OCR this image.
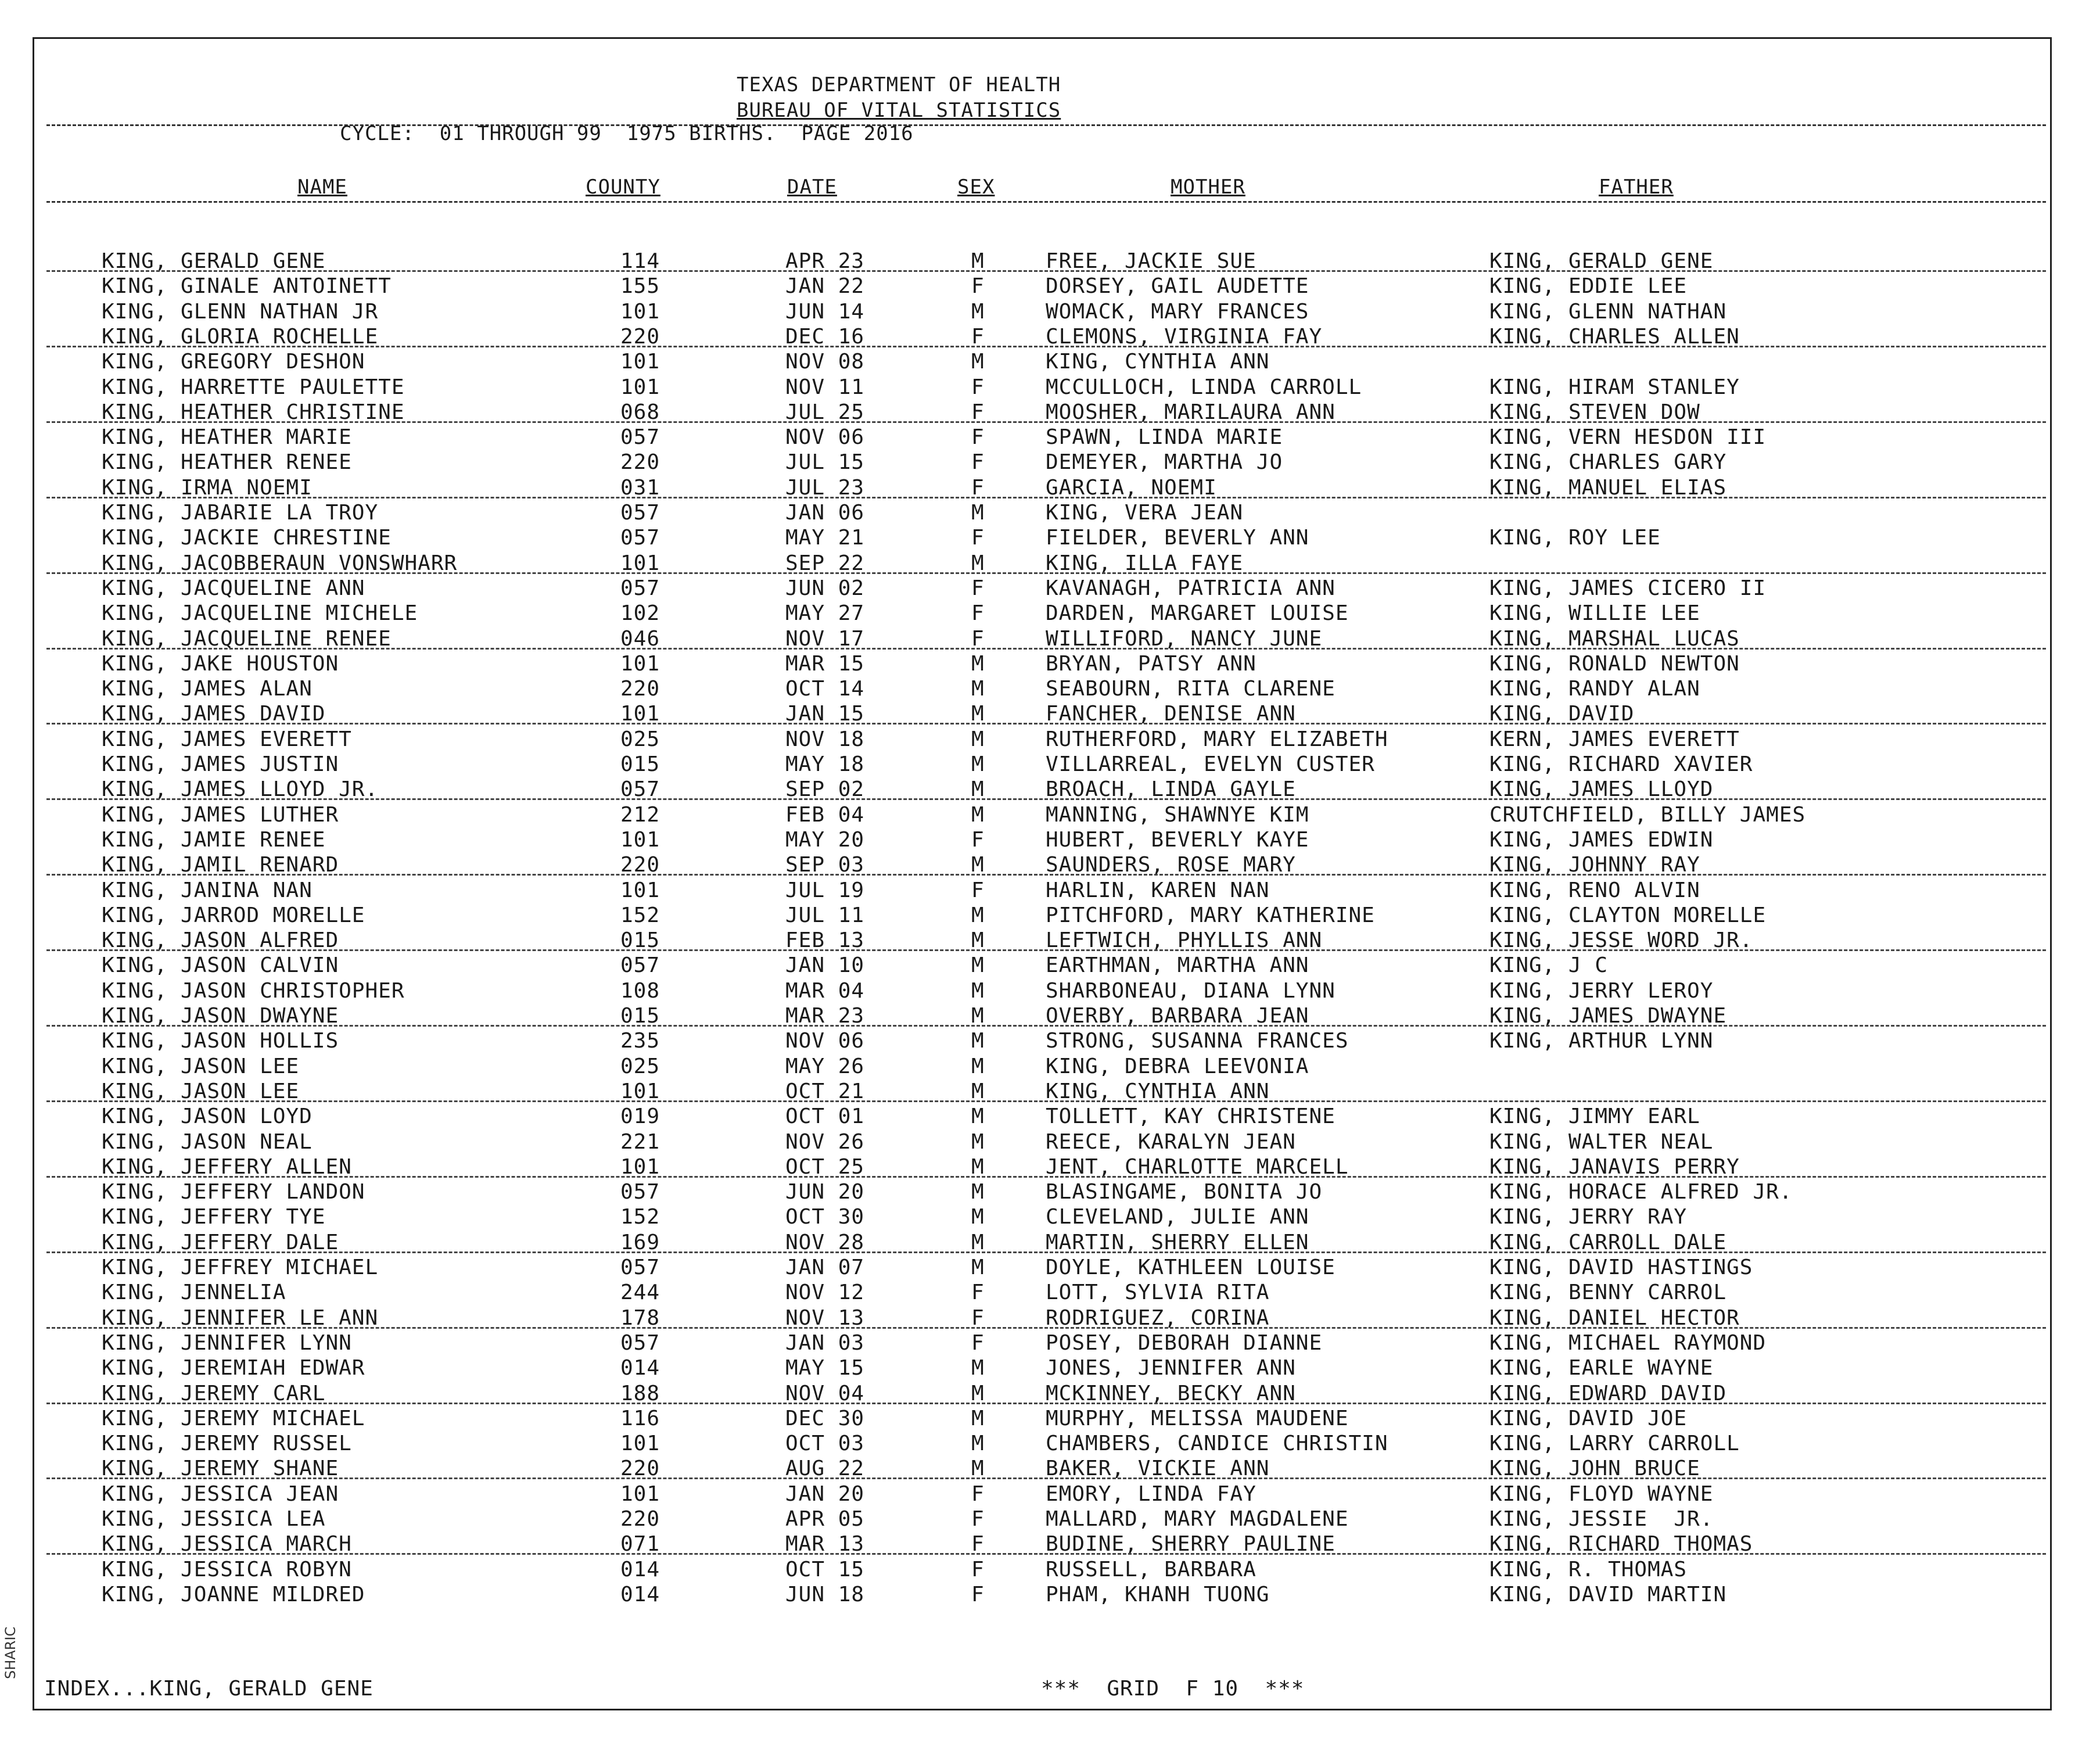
SHARIC
TEXAS DEPARTMENT OF HEALTH
BUREAU OF VITAL STATISTICS
CYCLE:  01 THROUGH 99  1975 BIRTHS.  PAGE 2016
NAME	COUNTY	DATE	SEX	MOTHER	FATHER
KING, GERALD GENE	114	APR 23	M	FREE, JACKIE SUE	KING, GERALD GENE
KING, GINALE ANTOINETT	155	JAN 22	F	DORSEY, GAIL AUDETTE	KING, EDDIE LEE
KING, GLENN NATHAN JR	101	JUN 14	M	WOMACK, MARY FRANCES	KING, GLENN NATHAN
KING, GLORIA ROCHELLE	220	DEC 16	F	CLEMONS, VIRGINIA FAY	KING, CHARLES ALLEN
KING, GREGORY DESHON	101	NOV 08	M	KING, CYNTHIA ANN
KING, HARRETTE PAULETTE	101	NOV 11	F	MCCULLOCH, LINDA CARROLL	KING, HIRAM STANLEY
KING, HEATHER CHRISTINE	068	JUL 25	F	MOOSHER, MARILAURA ANN	KING, STEVEN DOW
KING, HEATHER MARIE	057	NOV 06	F	SPAWN, LINDA MARIE	KING, VERN HESDON III
KING, HEATHER RENEE	220	JUL 15	F	DEMEYER, MARTHA JO	KING, CHARLES GARY
KING, IRMA NOEMI	031	JUL 23	F	GARCIA, NOEMI	KING, MANUEL ELIAS
KING, JABARIE LA TROY	057	JAN 06	M	KING, VERA JEAN
KING, JACKIE CHRESTINE	057	MAY 21	F	FIELDER, BEVERLY ANN	KING, ROY LEE
KING, JACOBBERAUN VONSWHARR	101	SEP 22	M	KING, ILLA FAYE
KING, JACQUELINE ANN	057	JUN 02	F	KAVANAGH, PATRICIA ANN	KING, JAMES CICERO II
KING, JACQUELINE MICHELE	102	MAY 27	F	DARDEN, MARGARET LOUISE	KING, WILLIE LEE
KING, JACQUELINE RENEE	046	NOV 17	F	WILLIFORD, NANCY JUNE	KING, MARSHAL LUCAS
KING, JAKE HOUSTON	101	MAR 15	M	BRYAN, PATSY ANN	KING, RONALD NEWTON
KING, JAMES ALAN	220	OCT 14	M	SEABOURN, RITA CLARENE	KING, RANDY ALAN
KING, JAMES DAVID	101	JAN 15	M	FANCHER, DENISE ANN	KING, DAVID
KING, JAMES EVERETT	025	NOV 18	M	RUTHERFORD, MARY ELIZABETH	KERN, JAMES EVERETT
KING, JAMES JUSTIN	015	MAY 18	M	VILLARREAL, EVELYN CUSTER	KING, RICHARD XAVIER
KING, JAMES LLOYD JR.	057	SEP 02	M	BROACH, LINDA GAYLE	KING, JAMES LLOYD
KING, JAMES LUTHER	212	FEB 04	M	MANNING, SHAWNYE KIM	CRUTCHFIELD, BILLY JAMES
KING, JAMIE RENEE	101	MAY 20	F	HUBERT, BEVERLY KAYE	KING, JAMES EDWIN
KING, JAMIL RENARD	220	SEP 03	M	SAUNDERS, ROSE MARY	KING, JOHNNY RAY
KING, JANINA NAN	101	JUL 19	F	HARLIN, KAREN NAN	KING, RENO ALVIN
KING, JARROD MORELLE	152	JUL 11	M	PITCHFORD, MARY KATHERINE	KING, CLAYTON MORELLE
KING, JASON ALFRED	015	FEB 13	M	LEFTWICH, PHYLLIS ANN	KING, JESSE WORD JR.
KING, JASON CALVIN	057	JAN 10	M	EARTHMAN, MARTHA ANN	KING, J C
KING, JASON CHRISTOPHER	108	MAR 04	M	SHARBONEAU, DIANA LYNN	KING, JERRY LEROY
KING, JASON DWAYNE	015	MAR 23	M	OVERBY, BARBARA JEAN	KING, JAMES DWAYNE
KING, JASON HOLLIS	235	NOV 06	M	STRONG, SUSANNA FRANCES	KING, ARTHUR LYNN
KING, JASON LEE	025	MAY 26	M	KING, DEBRA LEEVONIA
KING, JASON LEE	101	OCT 21	M	KING, CYNTHIA ANN
KING, JASON LOYD	019	OCT 01	M	TOLLETT, KAY CHRISTENE	KING, JIMMY EARL
KING, JASON NEAL	221	NOV 26	M	REECE, KARALYN JEAN	KING, WALTER NEAL
KING, JEFFERY ALLEN	101	OCT 25	M	JENT, CHARLOTTE MARCELL	KING, JANAVIS PERRY
KING, JEFFERY LANDON	057	JUN 20	M	BLASINGAME, BONITA JO	KING, HORACE ALFRED JR.
KING, JEFFERY TYE	152	OCT 30	M	CLEVELAND, JULIE ANN	KING, JERRY RAY
KING, JEFFERY DALE	169	NOV 28	M	MARTIN, SHERRY ELLEN	KING, CARROLL DALE
KING, JEFFREY MICHAEL	057	JAN 07	M	DOYLE, KATHLEEN LOUISE	KING, DAVID HASTINGS
KING, JENNELIA	244	NOV 12	F	LOTT, SYLVIA RITA	KING, BENNY CARROL
KING, JENNIFER LE ANN	178	NOV 13	F	RODRIGUEZ, CORINA	KING, DANIEL HECTOR
KING, JENNIFER LYNN	057	JAN 03	F	POSEY, DEBORAH DIANNE	KING, MICHAEL RAYMOND
KING, JEREMIAH EDWAR	014	MAY 15	M	JONES, JENNIFER ANN	KING, EARLE WAYNE
KING, JEREMY CARL	188	NOV 04	M	MCKINNEY, BECKY ANN	KING, EDWARD DAVID
KING, JEREMY MICHAEL	116	DEC 30	M	MURPHY, MELISSA MAUDENE	KING, DAVID JOE
KING, JEREMY RUSSEL	101	OCT 03	M	CHAMBERS, CANDICE CHRISTIN	KING, LARRY CARROLL
KING, JEREMY SHANE	220	AUG 22	M	BAKER, VICKIE ANN	KING, JOHN BRUCE
KING, JESSICA JEAN	101	JAN 20	F	EMORY, LINDA FAY	KING, FLOYD WAYNE
KING, JESSICA LEA	220	APR 05	F	MALLARD, MARY MAGDALENE	KING, JESSIE  JR.
KING, JESSICA MARCH	071	MAR 13	F	BUDINE, SHERRY PAULINE	KING, RICHARD THOMAS
KING, JESSICA ROBYN	014	OCT 15	F	RUSSELL, BARBARA	KING, R. THOMAS
KING, JOANNE MILDRED	014	JUN 18	F	PHAM, KHANH TUONG	KING, DAVID MARTIN
INDEX...KING, GERALD GENE	***  GRID  F 10  ***
